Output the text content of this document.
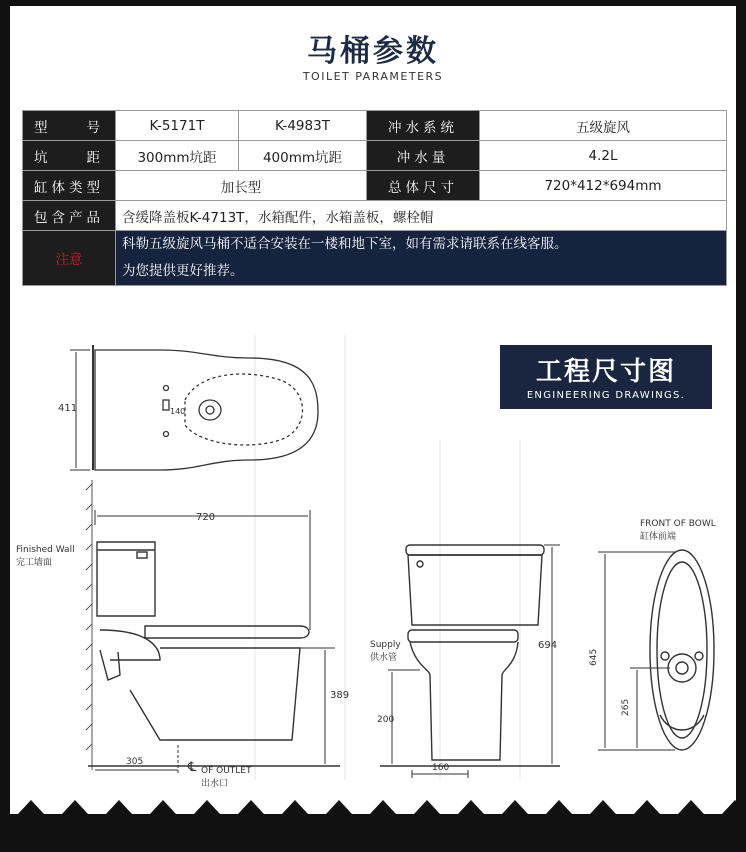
马桶参数
TOILET PARAMETERS
型　　号	K-5171T	K-4983T	冲水系统	五级旋风
坑　　距	300mm坑距	400mm坑距	冲水量	4.2L
缸体类型	加长型		总体尺寸	720*412*694mm
包含产品	含缓降盖板K-4713T，水箱配件，水箱盖板，螺栓帽			
注意	科勒五级旋风马桶不适合安装在一楼和地下室，如有需求请联系在线客服。
为您提供更好推荐。			
工程尺寸图
ENGINEERING DRAWINGS.
411	140
720
389
Finished Wall
完工墙面
305	℄ OF OUTLET
出水口
694
200
Supply
供水管
160
FRONT OF BOWL
缸体前端
645
265
